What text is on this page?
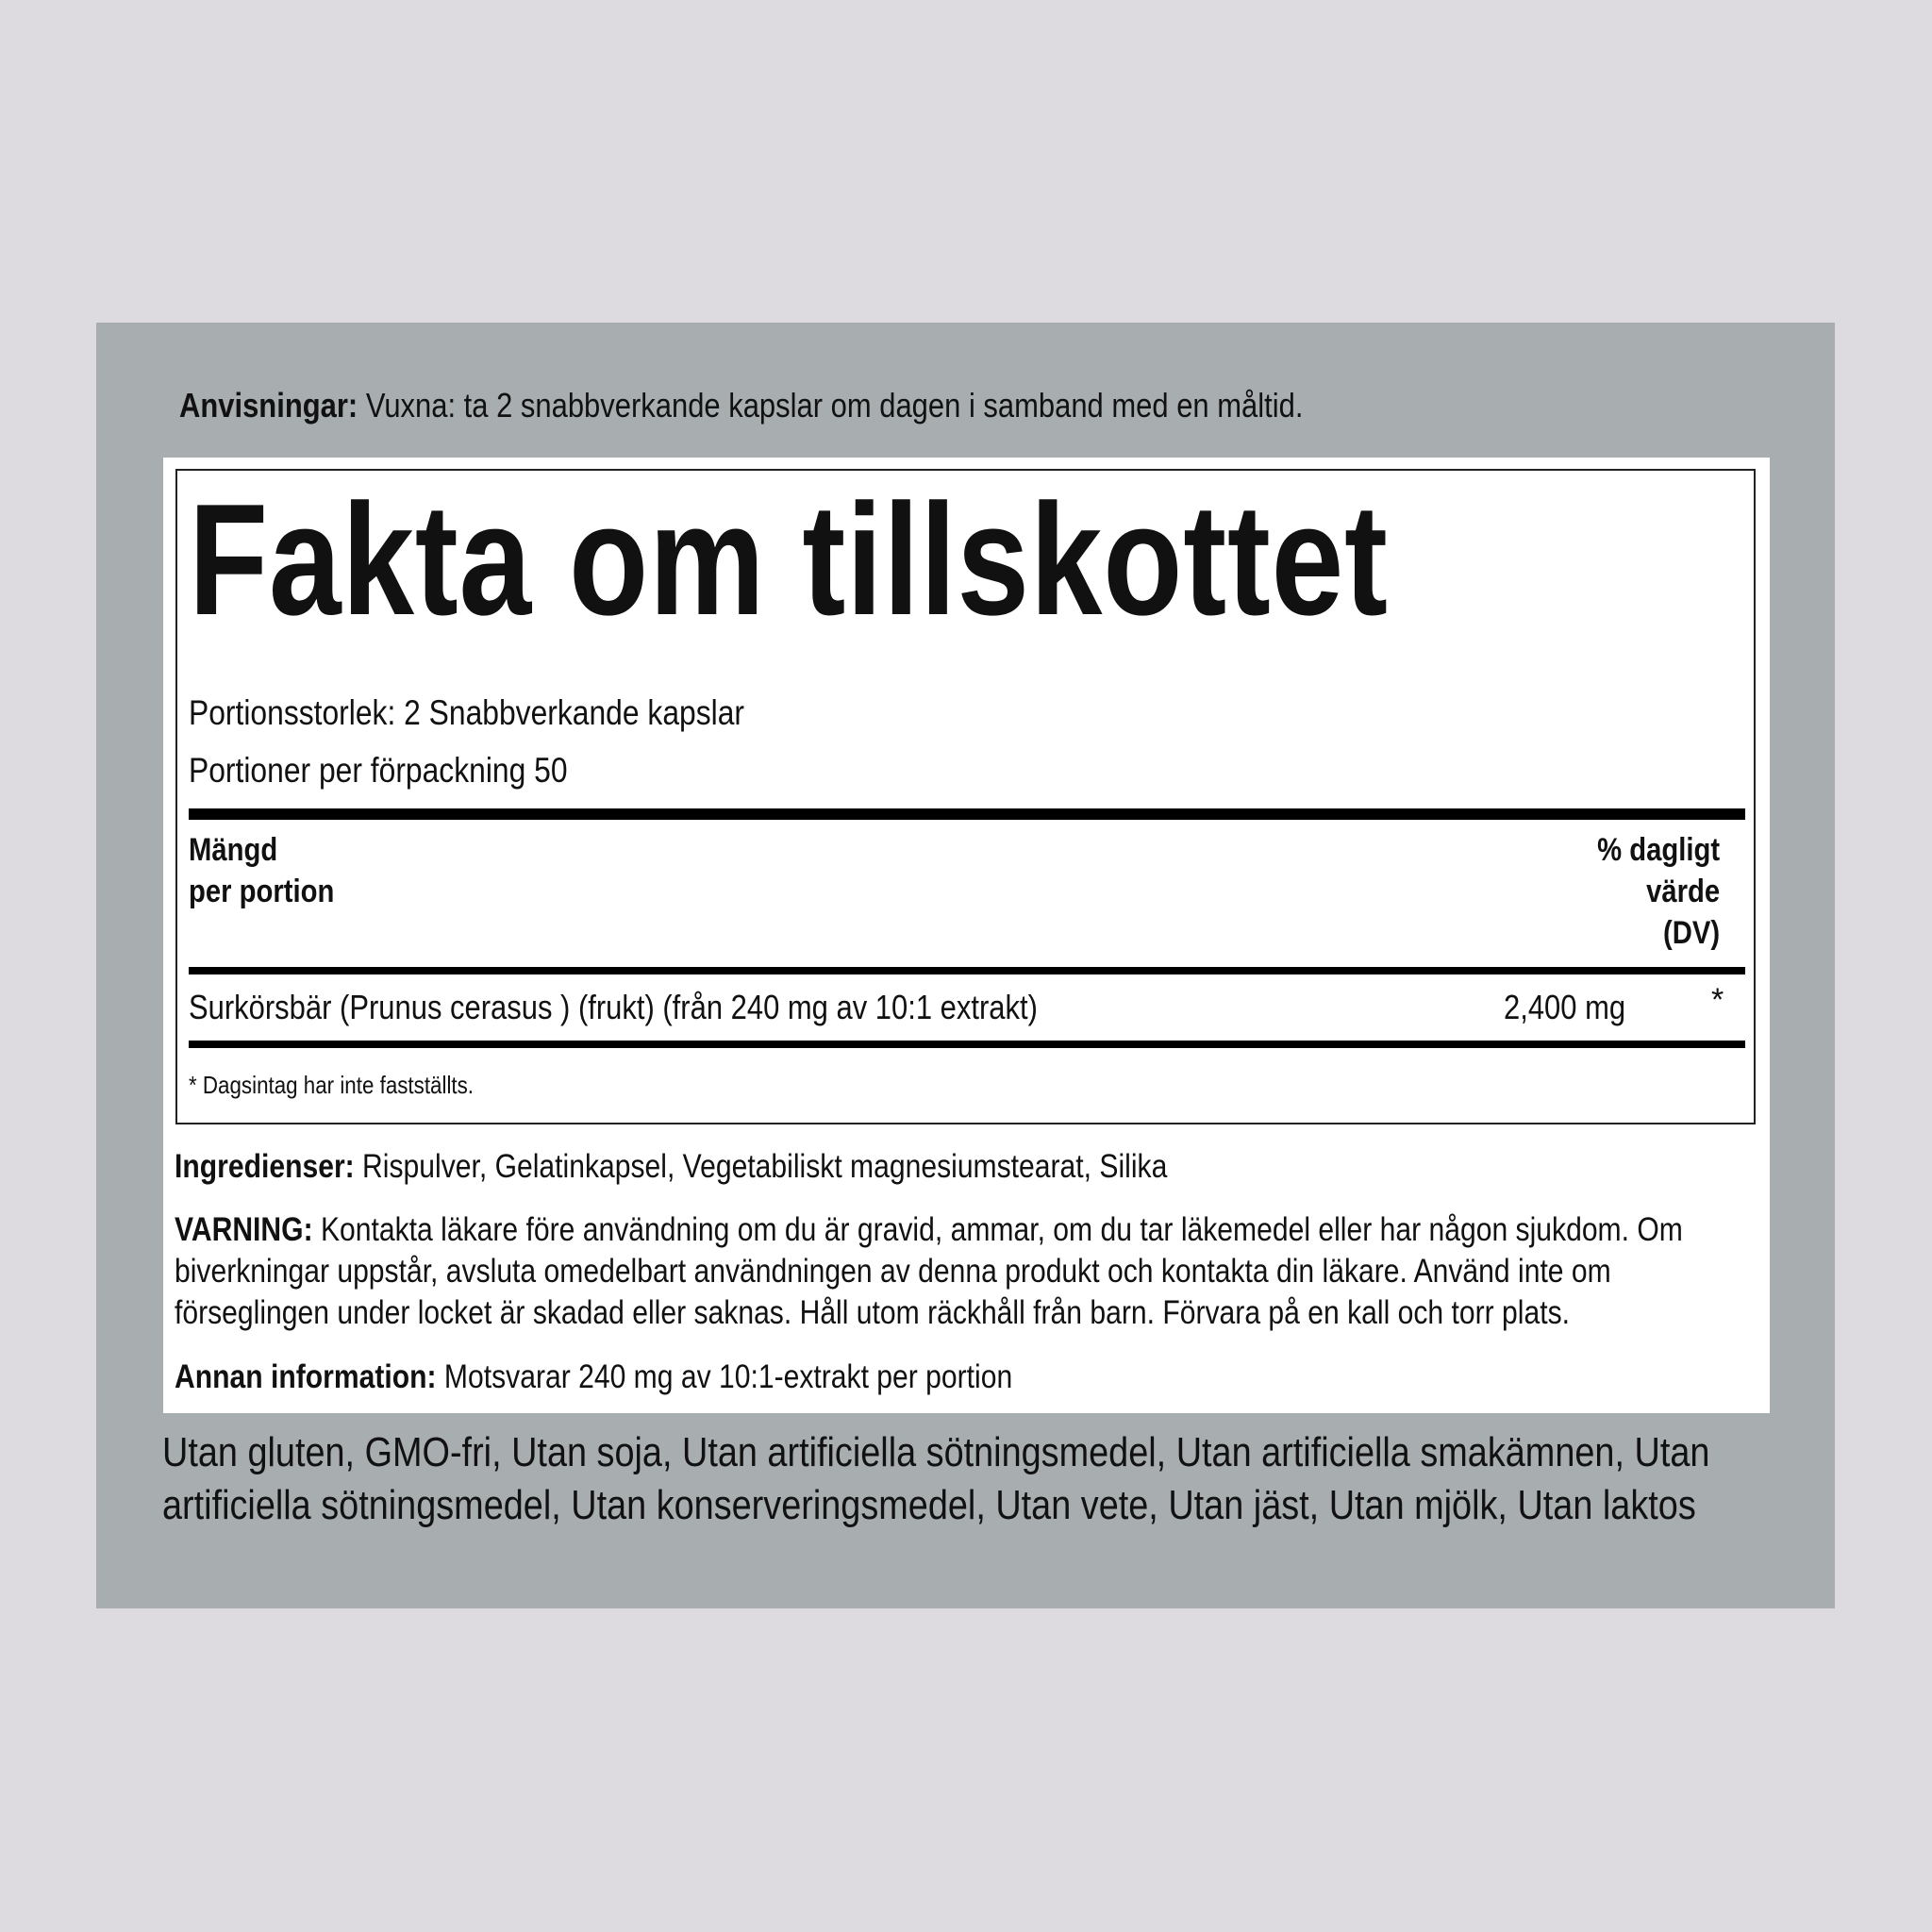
Anvisningar: Vuxna: ta 2 snabbverkande kapslar om dagen i samband med en måltid.
Fakta om tillskottet
Portionsstorlek: 2 Snabbverkande kapslar
Portioner per förpackning 50
Mängd
per portion
% dagligt
värde
(DV)
Surkörsbär (Prunus cerasus ) (frukt) (från 240 mg av 10:1 extrakt)	2,400 mg	*
* Dagsintag har inte fastställts.
Ingredienser: Rispulver, Gelatinkapsel, Vegetabiliskt magnesiumstearat, Silika
VARNING: Kontakta läkare före användning om du är gravid, ammar, om du tar läkemedel eller har någon sjukdom. Om biverkningar uppstår, avsluta omedelbart användningen av denna produkt och kontakta din läkare. Använd inte om förseglingen under locket är skadad eller saknas. Håll utom räckhåll från barn. Förvara på en kall och torr plats.
Annan information: Motsvarar 240 mg av 10:1-extrakt per portion
Utan gluten, GMO-fri, Utan soja, Utan artificiella sötningsmedel, Utan artificiella smakämnen, Utan artificiella sötningsmedel, Utan konserveringsmedel, Utan vete, Utan jäst, Utan mjölk, Utan laktos
